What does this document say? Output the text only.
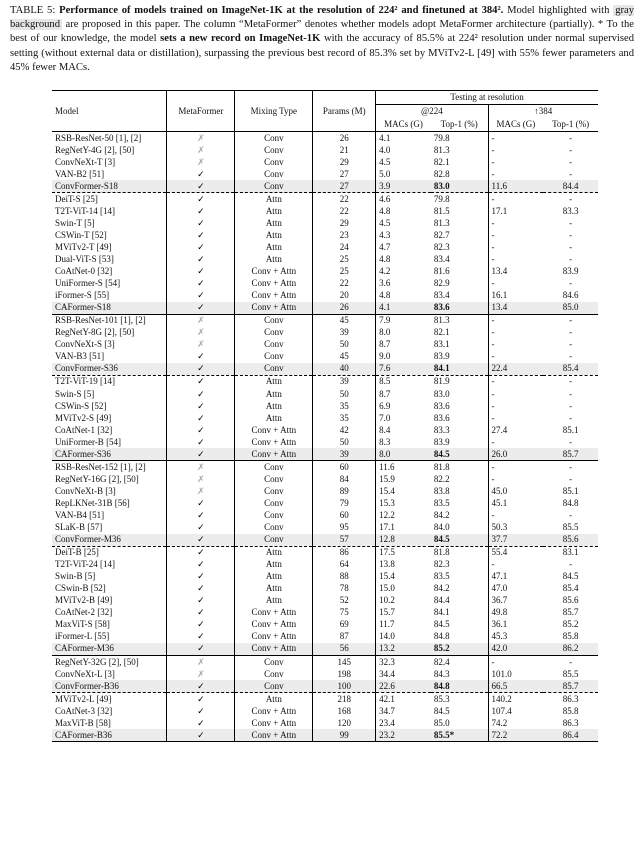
TABLE 5: Performance of models trained on ImageNet-1K at the resolution of 224² and finetuned at 384². Model highlighted with gray background are proposed in this paper. The column “MetaFormer” denotes whether models adopt MetaFormer architecture (partially). * To the best of our knowledge, the model sets a new record on ImageNet-1K with the accuracy of 85.5% at 224² resolution under normal supervised setting (without external data or distillation), surpassing the previous best record of 85.3% set by MViTv2-L [49] with 55% fewer parameters and 45% fewer MACs.
Model	MetaFormer	Mixing Type	Params (M)	Testing at resolution			
				@224		↑384	
				MACs (G)	Top-1 (%)	MACs (G)	Top-1 (%)
RSB-ResNet-50 [1], [2]	✗	Conv	26	4.1	79.8	-	-
RegNetY-4G [2], [50]	✗	Conv	21	4.0	81.3	-	-
ConvNeXt-T [3]	✗	Conv	29	4.5	82.1	-	-
VAN-B2 [51]	✓	Conv	27	5.0	82.8	-	-
ConvFormer-S18	✓	Conv	27	3.9	83.0	11.6	84.4
DeiT-S [25]	✓	Attn	22	4.6	79.8	-	-
T2T-ViT-14 [14]	✓	Attn	22	4.8	81.5	17.1	83.3
Swin-T [5]	✓	Attn	29	4.5	81.3	-	-
CSWin-T [52]	✓	Attn	23	4.3	82.7	-	-
MViTv2-T [49]	✓	Attn	24	4.7	82.3	-	-
Dual-ViT-S [53]	✓	Attn	25	4.8	83.4	-	-
CoAtNet-0 [32]	✓	Conv + Attn	25	4.2	81.6	13.4	83.9
UniFormer-S [54]	✓	Conv + Attn	22	3.6	82.9	-	-
iFormer-S [55]	✓	Conv + Attn	20	4.8	83.4	16.1	84.6
CAFormer-S18	✓	Conv + Attn	26	4.1	83.6	13.4	85.0
RSB-ResNet-101 [1], [2]	✗	Conv	45	7.9	81.3	-	-
RegNetY-8G [2], [50]	✗	Conv	39	8.0	82.1	-	-
ConvNeXt-S [3]	✗	Conv	50	8.7	83.1	-	-
VAN-B3 [51]	✓	Conv	45	9.0	83.9	-	-
ConvFormer-S36	✓	Conv	40	7.6	84.1	22.4	85.4
T2T-ViT-19 [14]	✓	Attn	39	8.5	81.9	-	-
Swin-S [5]	✓	Attn	50	8.7	83.0	-	-
CSWin-S [52]	✓	Attn	35	6.9	83.6	-	-
MViTv2-S [49]	✓	Attn	35	7.0	83.6	-	-
CoAtNet-1 [32]	✓	Conv + Attn	42	8.4	83.3	27.4	85.1
UniFormer-B [54]	✓	Conv + Attn	50	8.3	83.9	-	-
CAFormer-S36	✓	Conv + Attn	39	8.0	84.5	26.0	85.7
RSB-ResNet-152 [1], [2]	✗	Conv	60	11.6	81.8	-	-
RegNetY-16G [2], [50]	✗	Conv	84	15.9	82.2	-	-
ConvNeXt-B [3]	✗	Conv	89	15.4	83.8	45.0	85.1
RepLKNet-31B [56]	✓	Conv	79	15.3	83.5	45.1	84.8
VAN-B4 [51]	✓	Conv	60	12.2	84.2	-	-
SLaK-B [57]	✓	Conv	95	17.1	84.0	50.3	85.5
ConvFormer-M36	✓	Conv	57	12.8	84.5	37.7	85.6
DeiT-B [25]	✓	Attn	86	17.5	81.8	55.4	83.1
T2T-ViT-24 [14]	✓	Attn	64	13.8	82.3	-	-
Swin-B [5]	✓	Attn	88	15.4	83.5	47.1	84.5
CSwin-B [52]	✓	Attn	78	15.0	84.2	47.0	85.4
MViTv2-B [49]	✓	Attn	52	10.2	84.4	36.7	85.6
CoAtNet-2 [32]	✓	Conv + Attn	75	15.7	84.1	49.8	85.7
MaxViT-S [58]	✓	Conv + Attn	69	11.7	84.5	36.1	85.2
iFormer-L [55]	✓	Conv + Attn	87	14.0	84.8	45.3	85.8
CAFormer-M36	✓	Conv + Attn	56	13.2	85.2	42.0	86.2
RegNetY-32G [2], [50]	✗	Conv	145	32.3	82.4	-	-
ConvNeXt-L [3]	✗	Conv	198	34.4	84.3	101.0	85.5
ConvFormer-B36	✓	Conv	100	22.6	84.8	66.5	85.7
MViTv2-L [49]	✓	Attn	218	42.1	85.3	140.2	86.3
CoAtNet-3 [32]	✓	Conv + Attn	168	34.7	84.5	107.4	85.8
MaxViT-B [58]	✓	Conv + Attn	120	23.4	85.0	74.2	86.3
CAFormer-B36	✓	Conv + Attn	99	23.2	85.5*	72.2	86.4
